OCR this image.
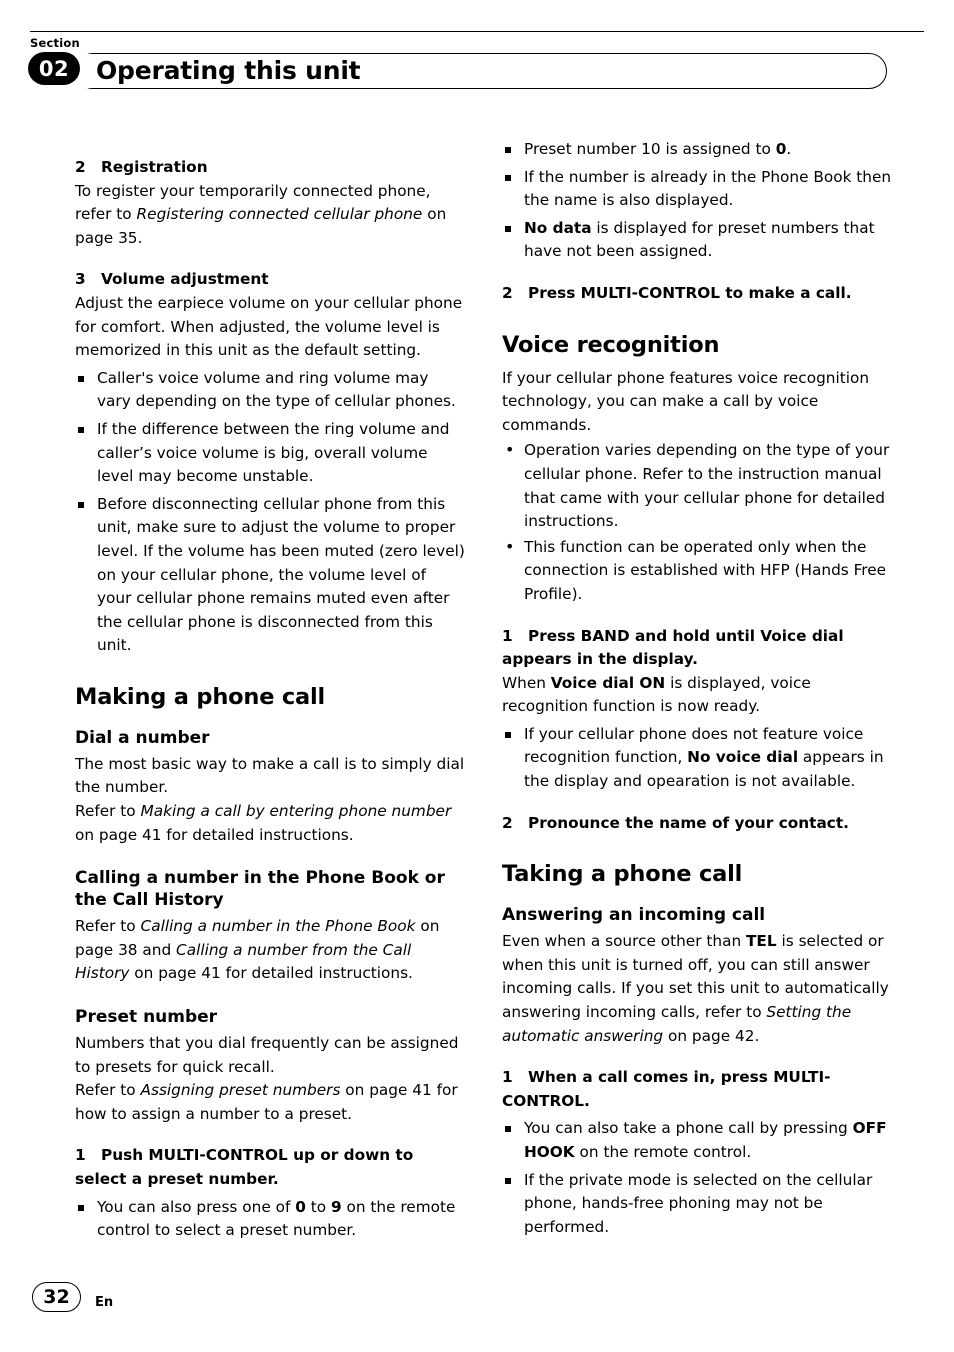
Section
02	Operating this unit
2 Registration

To register your temporarily connected phone, refer to Registering connected cellular phone on page 35.

3 Volume adjustment

Adjust the earpiece volume on your cellular phone for comfort. When adjusted, the volume level is memorized in this unit as the default setting.

Caller's voice volume and ring volume may vary depending on the type of cellular phones.

If the difference between the ring volume and caller’s voice volume is big, overall volume level may become unstable.

Before disconnecting cellular phone from this unit, make sure to adjust the volume to proper level. If the volume has been muted (zero level) on your cellular phone, the volume level of your cellular phone remains muted even after the cellular phone is disconnected from this unit.

Making a phone call
Dial a number

The most basic way to make a call is to simply dial the number.

Refer to Making a call by entering phone number on page 41 for detailed instructions.

Calling a number in the Phone Book or the Call History

Refer to Calling a number in the Phone Book on page 38 and Calling a number from the Call History on page 41 for detailed instructions.

Preset number

Numbers that you dial frequently can be assigned to presets for quick recall.

Refer to Assigning preset numbers on page 41 for how to assign a number to a preset.

1 Push MULTI-CONTROL up or down to select a preset number.

You can also press one of 0 to 9 on the remote control to select a preset number.

Preset number 10 is assigned to 0.

If the number is already in the Phone Book then the name is also displayed.

No data is displayed for preset numbers that have not been assigned.

2 Press MULTI-CONTROL to make a call.
Voice recognition

If your cellular phone features voice recognition technology, you can make a call by voice commands.

• Operation varies depending on the type of your cellular phone. Refer to the instruction manual that came with your cellular phone for detailed instructions.

• This function can be operated only when the connection is established with HFP (Hands Free Profile).

1 Press BAND and hold until Voice dial appears in the display.

When Voice dial ON is displayed, voice recognition function is now ready.

If your cellular phone does not feature voice recognition function, No voice dial appears in the display and opearation is not available.

2 Pronounce the name of your contact.
Taking a phone call
Answering an incoming call

Even when a source other than TEL is selected or when this unit is turned off, you can still answer incoming calls. If you set this unit to automatically answering incoming calls, refer to Setting the automatic answering on page 42.

1 When a call comes in, press MULTI-CONTROL.

You can also take a phone call by pressing OFF HOOK on the remote control.

If the private mode is selected on the cellular phone, hands-free phoning may not be performed.

32	En
